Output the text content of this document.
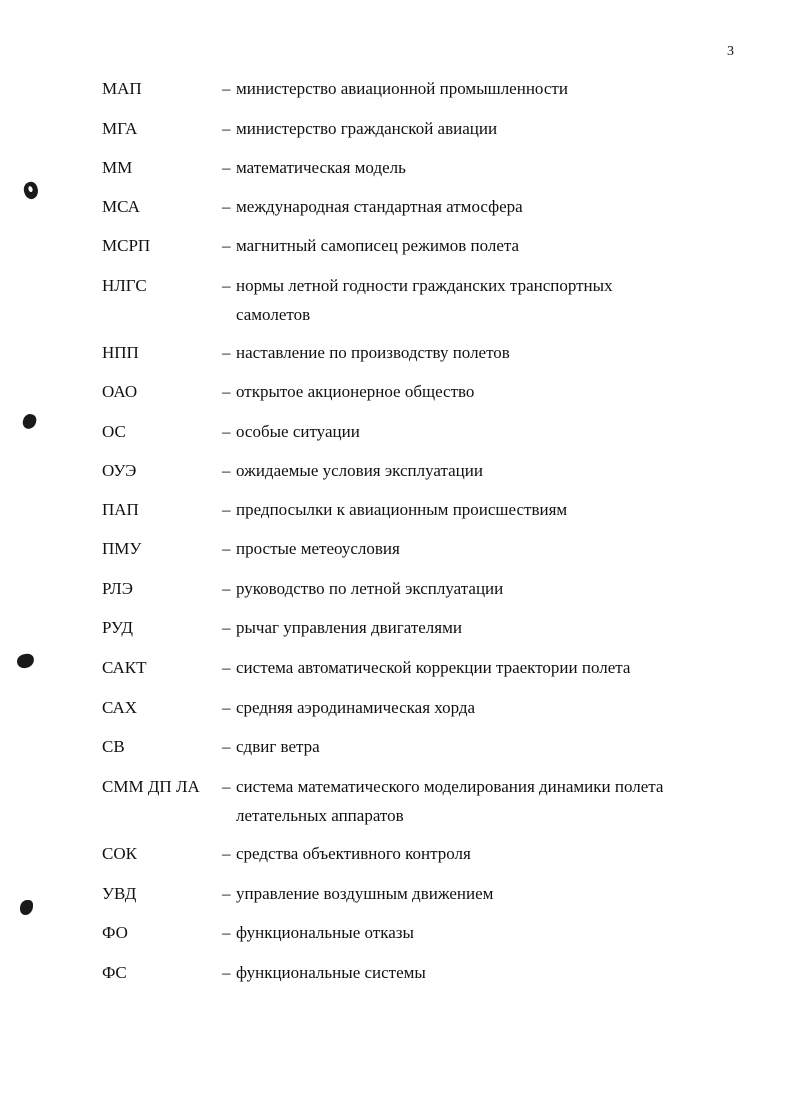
3
МАП	– министерство авиационной промышленности
МГА	– министерство гражданской авиации
ММ	– математическая модель
МСА	– международная стандартная атмосфера
МСРП	– магнитный самописец режимов полета
НЛГС	– нормы летной годности гражданских транспортных самолетов
НПП	– наставление по производству полетов
ОАО	– открытое акционерное общество
ОС	– особые ситуации
ОУЭ	– ожидаемые условия эксплуатации
ПАП	– предпосылки к авиационным происшествиям
ПМУ	– простые метеоусловия
РЛЭ	– руководство по летной эксплуатации
РУД	– рычаг управления двигателями
САКТ	– система автоматической коррекции траектории полета
САХ	– средняя аэродинамическая хорда
СВ	– сдвиг ветра
СММ ДП ЛА	– система математического моделирования динамики полета летательных аппаратов
СОК	– средства объективного контроля
УВД	– управление воздушным движением
ФО	– функциональные отказы
ФС	– функциональные системы
